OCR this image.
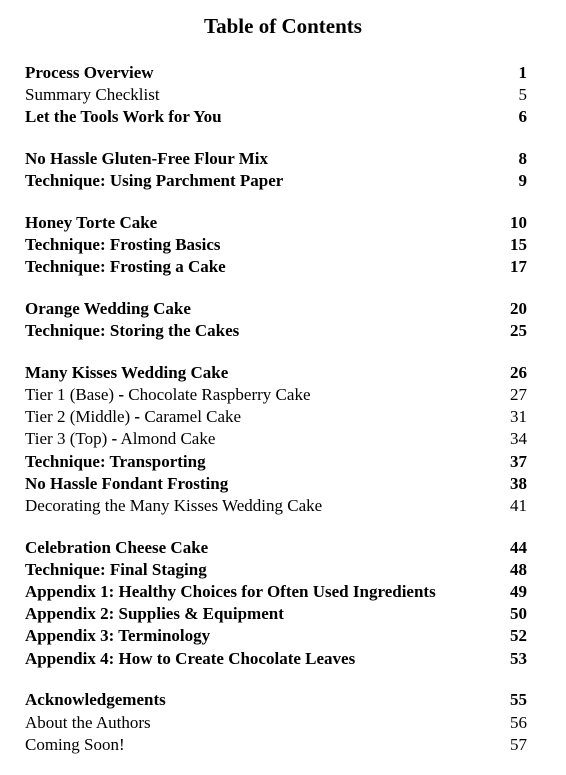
Table of Contents
Process Overview	1
Summary Checklist	5
Let the Tools Work for You	6
No Hassle Gluten-Free Flour Mix	8
Technique: Using Parchment Paper	9
Honey Torte Cake	10
Technique: Frosting Basics	15
Technique: Frosting a Cake	17
Orange Wedding Cake	20
Technique: Storing the Cakes	25
Many Kisses Wedding Cake	26
Tier 1 (Base) - Chocolate Raspberry Cake	27
Tier 2 (Middle) - Caramel Cake	31
Tier 3 (Top) - Almond Cake	34
Technique: Transporting	37
No Hassle Fondant Frosting	38
Decorating the Many Kisses Wedding Cake	41
Celebration Cheese Cake	44
Technique: Final Staging	48
Appendix 1: Healthy Choices for Often Used Ingredients	49
Appendix 2: Supplies & Equipment	50
Appendix 3: Terminology	52
Appendix 4: How to Create Chocolate Leaves	53
Acknowledgements	55
About the Authors	56
Coming Soon!	57
